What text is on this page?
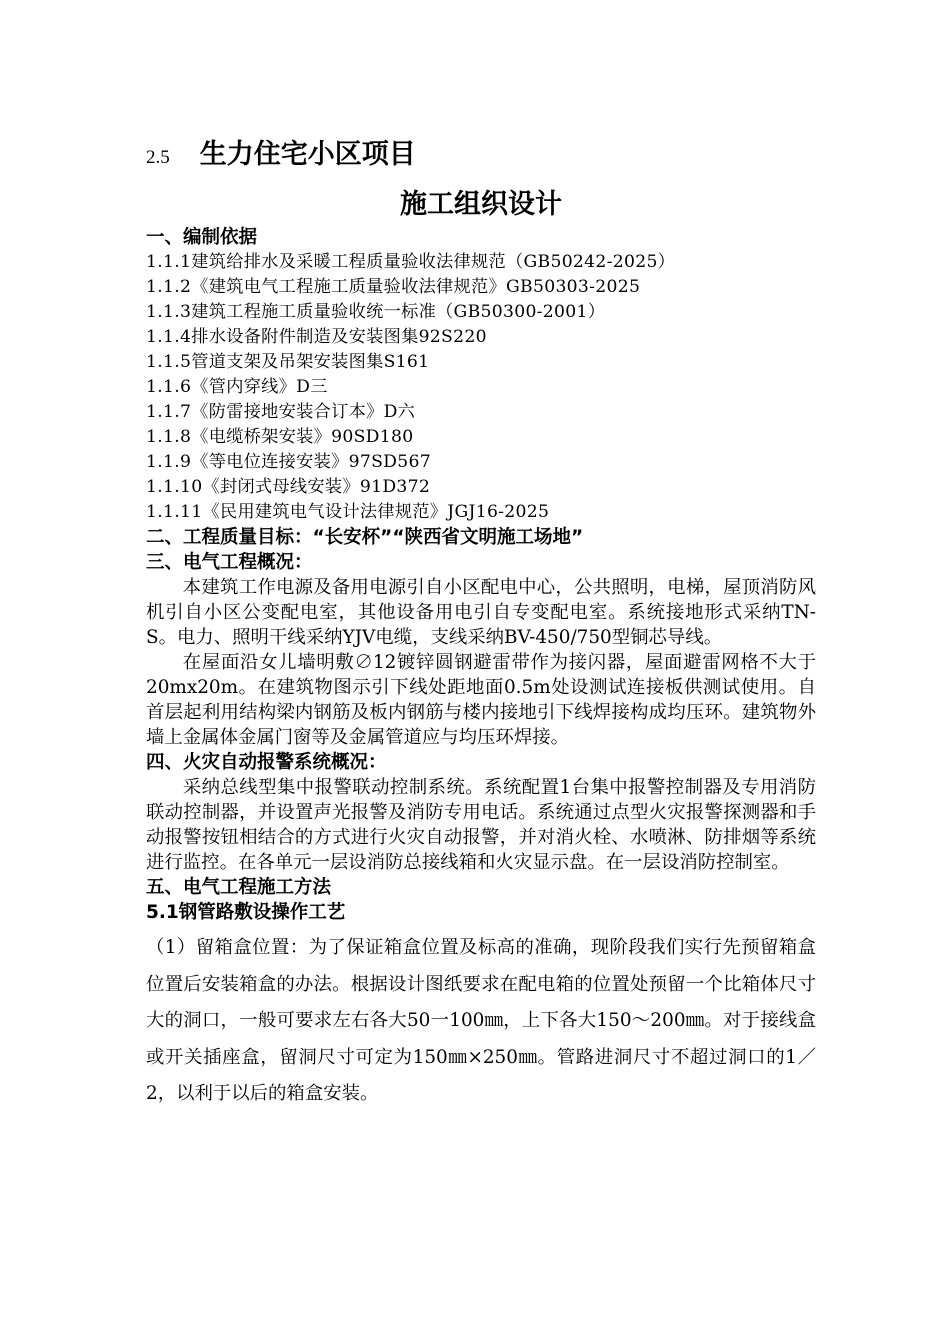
2.5 生力住宅小区项目
施工组织设计
一、编制依据
1.1.1建筑给排水及采暖工程质量验收法律规范（GB50242-2025）
1.1.2《建筑电气工程施工质量验收法律规范》GB50303-2025
1.1.3建筑工程施工质量验收统一标准（GB50300-2001）
1.1.4排水设备附件制造及安装图集92S220
1.1.5管道支架及吊架安装图集S161
1.1.6《管内穿线》D三
1.1.7《防雷接地安装合订本》D六
1.1.8《电缆桥架安装》90SD180
1.1.9《等电位连接安装》97SD567
1.1.10《封闭式母线安装》91D372
1.1.11《民用建筑电气设计法律规范》JGJ16-2025
二、工程质量目标：“长安杯”“陕西省文明施工场地”
三、电气工程概况：
本建筑工作电源及备用电源引自小区配电中心，公共照明，电梯，屋顶消防风机引自小区公变配电室，其他设备用电引自专变配电室。系统接地形式采纳TN-S。电力、照明干线采纳YJV电缆，支线采纳BV-450/750型铜芯导线。
在屋面沿女儿墙明敷∅12镀锌圆钢避雷带作为接闪器，屋面避雷网格不大于20mx20m。在建筑物图示引下线处距地面0.5m处设测试连接板供测试使用。自首层起利用结构梁内钢筋及板内钢筋与楼内接地引下线焊接构成均压环。建筑物外墙上金属体金属门窗等及金属管道应与均压环焊接。
四、火灾自动报警系统概况：
采纳总线型集中报警联动控制系统。系统配置1台集中报警控制器及专用消防联动控制器，并设置声光报警及消防专用电话。系统通过点型火灾报警探测器和手动报警按钮相结合的方式进行火灾自动报警，并对消火栓、水喷淋、防排烟等系统进行监控。在各单元一层设消防总接线箱和火灾显示盘。在一层设消防控制室。
五、电气工程施工方法
5.1钢管路敷设操作工艺
（1）留箱盒位置：为了保证箱盒位置及标高的准确，现阶段我们实行先预留箱盒位置后安装箱盒的办法。根据设计图纸要求在配电箱的位置处预留一个比箱体尺寸大的洞口，一般可要求左右各大50一100㎜，上下各大150～200㎜。对于接线盒或开关插座盒，留洞尺寸可定为150㎜×250㎜。管路进洞尺寸不超过洞口的1／2，以利于以后的箱盒安装。
